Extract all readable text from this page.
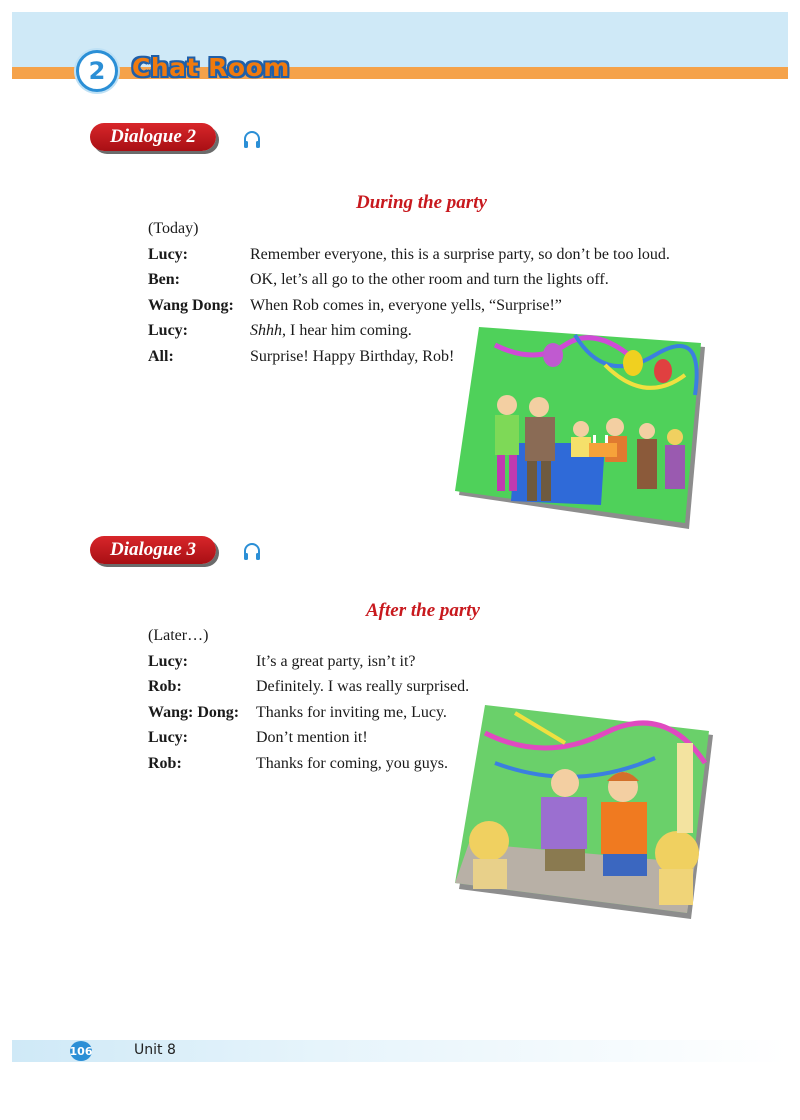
2	Chat Room
Dialogue 2
During the party
(Today)
Lucy:	Remember everyone, this is a surprise party, so don’t be too loud.
Ben:	OK, let’s all go to the other room and turn the lights off.
Wang Dong:	When Rob comes in, everyone yells, “Surprise!”
Lucy:	Shhh, I hear him coming.
All:	Surprise! Happy Birthday, Rob!
Dialogue 3
After the party
(Later…)
Lucy:	It’s a great party, isn’t it?
Rob:	Definitely. I was really surprised.
Wang: Dong:	Thanks for inviting me, Lucy.
Lucy:	Don’t mention it!
Rob:	Thanks for coming, you guys.
106	Unit 8
